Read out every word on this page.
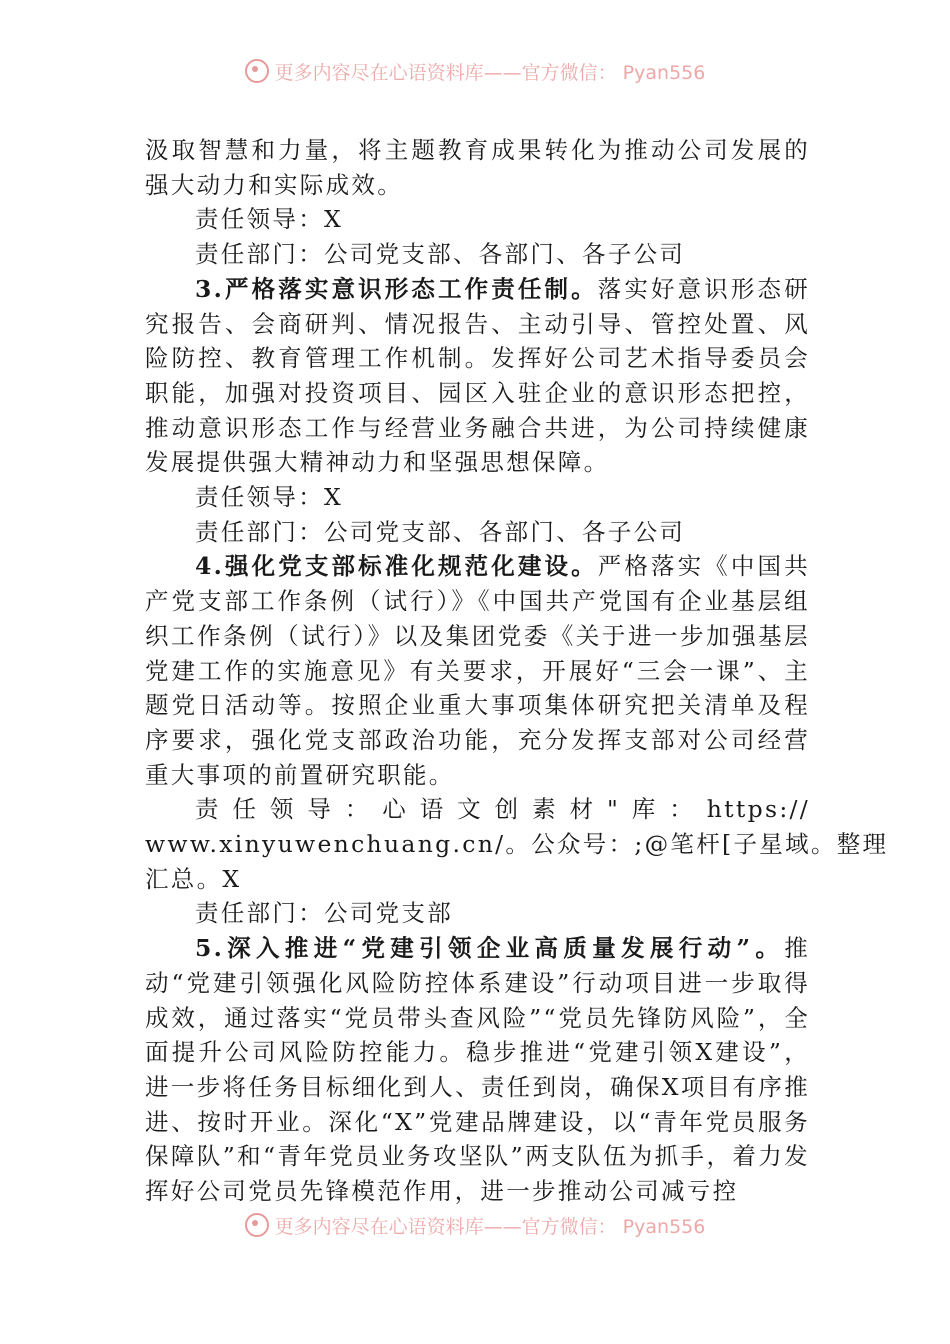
更多内容尽在心语资料库——官方微信： Pyan556

汲取智慧和力量，将主题教育成果转化为推动公司发展的强大动力和实际成效。

责任领导：X

责任部门：公司党支部、各部门、各子公司

3.严格落实意识形态工作责任制。落实好意识形态研究报告、会商研判、情况报告、主动引导、管控处置、风险防控、教育管理工作机制。发挥好公司艺术指导委员会职能，加强对投资项目、园区入驻企业的意识形态把控，推动意识形态工作与经营业务融合共进，为公司持续健康发展提供强大精神动力和坚强思想保障。

责任领导：X

责任部门：公司党支部、各部门、各子公司

4.强化党支部标准化规范化建设。严格落实《中国共产党支部工作条例（试行）》《中国共产党国有企业基层组织工作条例（试行）》以及集团党委《关于进一步加强基层党建工作的实施意见》有关要求，开展好“三会一课”、主题党日活动等。按照企业重大事项集体研究把关清单及程序要求，强化党支部政治功能，充分发挥支部对公司经营重大事项的前置研究职能。

责任领导：心语文创素材"库：https://

www.xinyuwenchuang.cn/。公众号：;@笔杆[子星域。整理

汇总。X

责任部门：公司党支部

5.深入推进“党建引领企业高质量发展行动”。推动“党建引领强化风险防控体系建设”行动项目进一步取得成效，通过落实“党员带头查风险”“党员先锋防风险”，全面提升公司风险防控能力。稳步推进“党建引领X建设”，进一步将任务目标细化到人、责任到岗，确保X项目有序推进、按时开业。深化“X”党建品牌建设，以“青年党员服务保障队”和“青年党员业务攻坚队”两支队伍为抓手，着力发挥好公司党员先锋模范作用，进一步推动公司减亏控

更多内容尽在心语资料库——官方微信： Pyan556
